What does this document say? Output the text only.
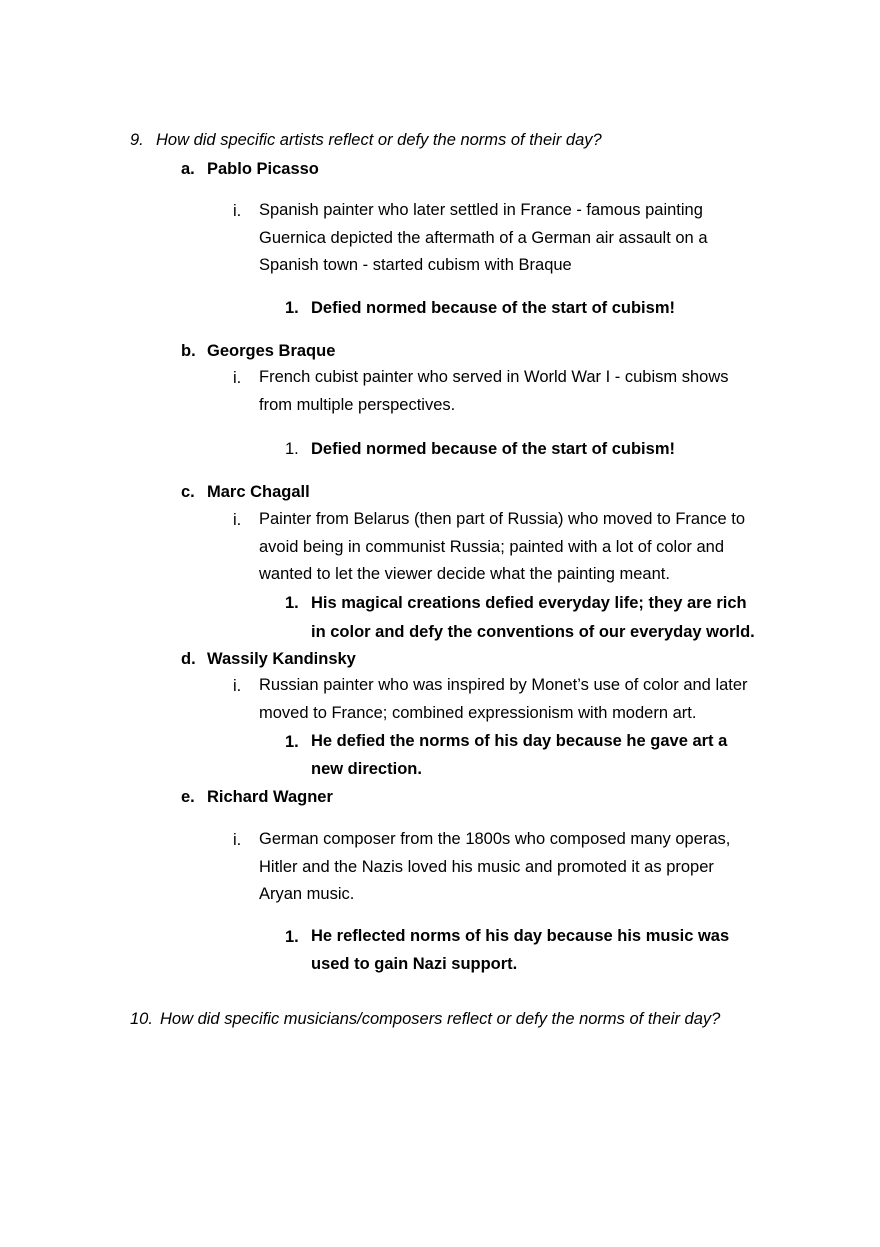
9. How did specific artists reflect or defy the norms of their day?
a. Pablo Picasso
i. Spanish painter who later settled in France - famous painting
Guernica depicted the aftermath of a German air assault on a
Spanish town - started cubism with Braque
1. Defied normed because of the start of cubism!
b. Georges Braque
i. French cubist painter who served in World War I - cubism shows
from multiple perspectives.
1. Defied normed because of the start of cubism!
c. Marc Chagall
i. Painter from Belarus (then part of Russia) who moved to France to
avoid being in communist Russia; painted with a lot of color and
wanted to let the viewer decide what the painting meant.
1. His magical creations defied everyday life; they are rich
in color and defy the conventions of our everyday world.
d. Wassily Kandinsky
i. Russian painter who was inspired by Monet’s use of color and later
moved to France; combined expressionism with modern art.
1. He defied the norms of his day because he gave art a
new direction.
e. Richard Wagner
i. German composer from the 1800s who composed many operas,
Hitler and the Nazis loved his music and promoted it as proper
Aryan music.
1. He reflected norms of his day because his music was
used to gain Nazi support.
10. How did specific musicians/composers reflect or defy the norms of their day?
